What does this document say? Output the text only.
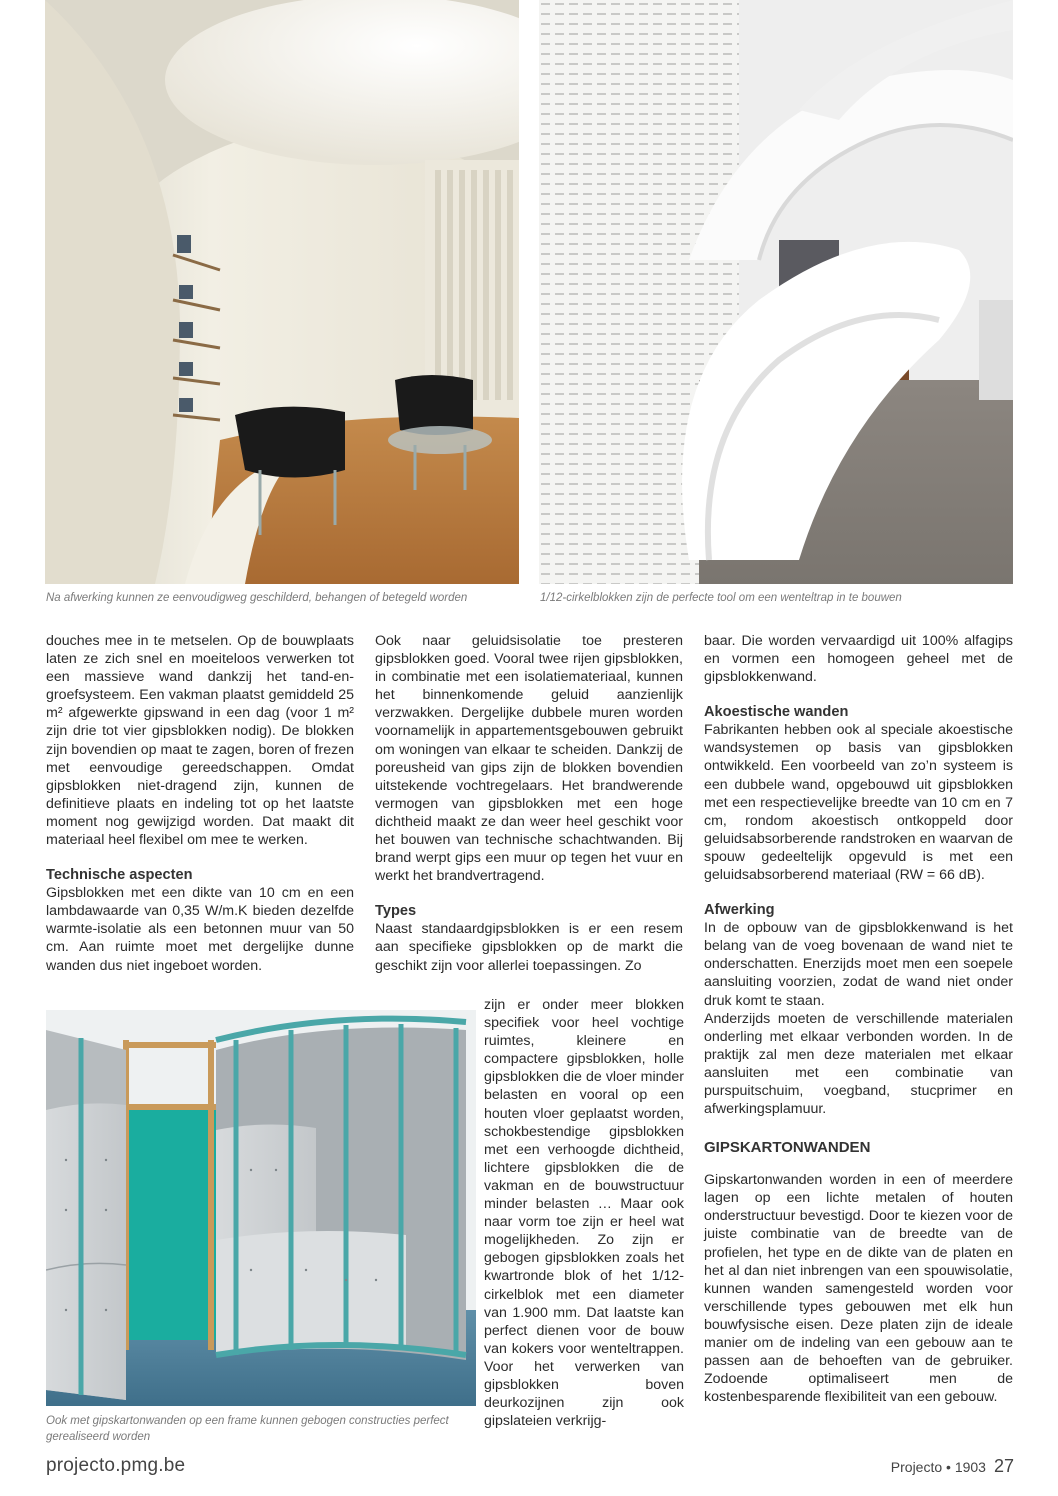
Na afwerking kunnen ze eenvoudigweg geschilderd, behangen of betegeld worden	1/12-cirkelblokken zijn de perfecte tool om een wenteltrap in te bouwen

douches mee in te metselen. Op de bouwplaats laten ze zich snel en moeiteloos verwerken tot een massieve wand dankzij het tand-en-groefsysteem. Een vakman plaatst gemiddeld 25 m² afgewerkte gipswand in een dag (voor 1 m² zijn drie tot vier gipsblokken nodig). De blokken zijn bovendien op maat te zagen, boren of frezen met eenvoudige gereedschappen. Omdat gipsblokken niet-dragend zijn, kunnen de definitieve plaats en indeling tot op het laatste moment nog gewijzigd worden. Dat maakt dit materiaal heel flexibel om mee te werken.

Technische aspecten

Gipsblokken met een dikte van 10 cm en een lambdawaarde van 0,35 W/m.K bieden dezelfde warmte-isolatie als een betonnen muur van 50 cm. Aan ruimte moet met dergelijke dunne wanden dus niet ingeboet worden.

Ook naar geluidsisolatie toe presteren gipsblokken goed. Vooral twee rijen gipsblokken, in combinatie met een isolatiemateriaal, kunnen het binnenkomende geluid aanzienlijk verzwakken. Dergelijke dubbele muren worden voornamelijk in appartementsgebouwen gebruikt om woningen van elkaar te scheiden. Dankzij de poreusheid van gips zijn de blokken bovendien uitstekende vochtregelaars. Het brandwerende vermogen van gipsblokken met een hoge dichtheid maakt ze dan weer heel geschikt voor het bouwen van technische schachtwanden. Bij brand werpt gips een muur op tegen het vuur en werkt het brandvertragend.

Types

Naast standaardgipsblokken is er een resem aan specifieke gipsblokken op de markt die geschikt zijn voor allerlei toepassingen. Zo

zijn er onder meer blokken specifiek voor heel vochtige ruimtes, kleinere en compactere gipsblokken, holle gipsblokken die de vloer minder belasten en vooral op een houten vloer geplaatst worden, schokbestendige gipsblokken met een verhoogde dichtheid, lichtere gipsblokken die de vakman en de bouwstructuur minder belasten … Maar ook naar vorm toe zijn er heel wat mogelijkheden. Zo zijn er gebogen gipsblokken zoals het kwartronde blok of het 1/12-cirkelblok met een diameter van 1.900 mm. Dat laatste kan perfect dienen voor de bouw van kokers voor wenteltrappen. Voor het verwerken van gipsblokken boven deurkozijnen zijn ook gipslateien verkrijg-

baar. Die worden vervaardigd uit 100% alfagips en vormen een homogeen geheel met de gipsblokkenwand.

Akoestische wanden

Fabrikanten hebben ook al speciale akoestische wandsystemen op basis van gipsblokken ontwikkeld. Een voorbeeld van zo’n systeem is een dubbele wand, opgebouwd uit gipsblokken met een respectievelijke breedte van 10 cm en 7 cm, rondom akoestisch ontkoppeld door geluidsabsorberende randstroken en waarvan de spouw gedeeltelijk opgevuld is met een geluidsabsorberend materiaal (RW = 66 dB).

Afwerking

In de opbouw van de gipsblokkenwand is het belang van de voeg bovenaan de wand niet te onderschatten. Enerzijds moet men een soepele aansluiting voorzien, zodat de wand niet onder druk komt te staan.

Anderzijds moeten de verschillende materialen onderling met elkaar verbonden worden. In de praktijk zal men deze materialen met elkaar aansluiten met een combinatie van purspuitschuim, voegband, stucprimer en afwerkingsplamuur.

GIPSKARTONWANDEN

Gipskartonwanden worden in een of meerdere lagen op een lichte metalen of houten onderstructuur bevestigd. Door te kiezen voor de juiste combinatie van de breedte van de profielen, het type en de dikte van de platen en het al dan niet inbrengen van een spouwisolatie, kunnen wanden samengesteld worden voor verschillende types gebouwen met elk hun bouwfysische eisen. Deze platen zijn de ideale manier om de indeling van een gebouw aan te passen aan de behoeften van de gebruiker. Zodoende optimaliseert men de kostenbesparende flexibiliteit van een gebouw.

Ook met gipskartonwanden op een frame kunnen gebogen constructies perfect gerealiseerd worden
projecto.pmg.be	Projecto • 1903 27
